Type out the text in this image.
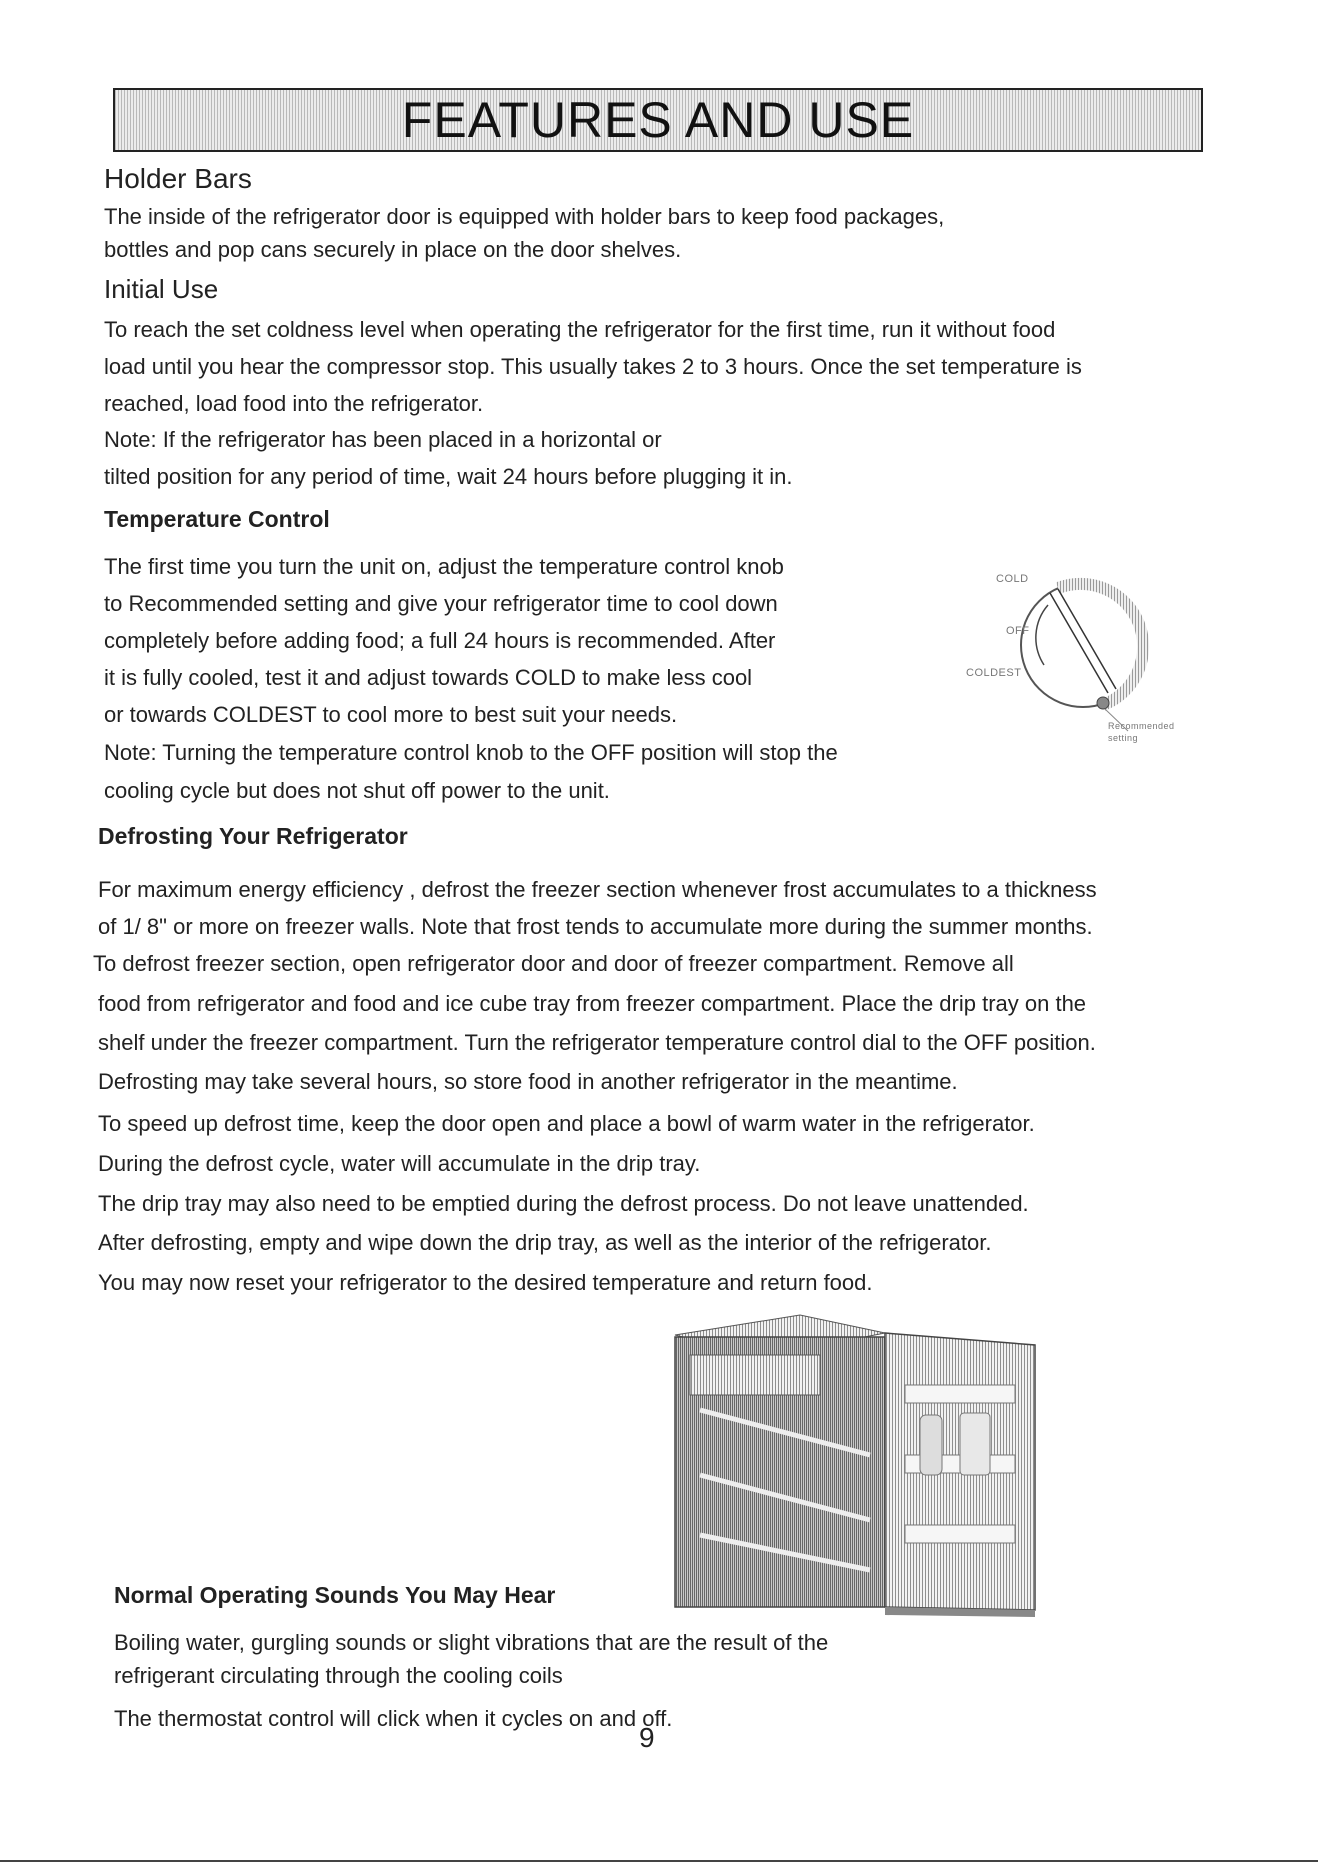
FEATURES AND USE
Holder Bars

The inside of the refrigerator door is equipped with holder bars to keep food packages,

bottles and pop cans securely in place on the door shelves.

Initial Use

To reach the set coldness level when operating the refrigerator for the first time, run it without food

load until you hear the compressor stop. This usually takes 2 to 3 hours. Once the set temperature is

reached, load food into the refrigerator.

Note: If the refrigerator has been placed in a horizontal or

tilted position for any period of time, wait 24 hours before plugging it in.

Temperature Control

The first time you turn the unit on, adjust the temperature control knob

to Recommended setting and give your refrigerator time to cool down

completely before adding food; a full 24 hours is recommended. After

it is fully cooled, test it and adjust towards COLD to make less cool

or towards COLDEST to cool more to best suit your needs.

Note: Turning the temperature control knob to the OFF position will stop the

cooling cycle but does not shut off power to the unit.

COLD
OFF
COLDEST
Recommended
setting
Defrosting Your Refrigerator

For maximum energy efficiency , defrost the freezer section whenever frost accumulates to a thickness

of 1/ 8" or more on freezer walls. Note that frost tends to accumulate more during the summer months.

To defrost freezer section, open refrigerator door and door of freezer compartment. Remove all

food from refrigerator and food and ice cube tray from freezer compartment. Place the drip tray on the

shelf under the freezer compartment. Turn the refrigerator temperature control dial to the OFF position.

Defrosting may take several hours, so store food in another refrigerator in the meantime.

To speed up defrost time, keep the door open and place a bowl of warm water in the refrigerator.

During the defrost cycle, water will accumulate in the drip tray.

The drip tray may also need to be emptied during the defrost process. Do not leave unattended.

After defrosting, empty and wipe down the drip tray, as well as the interior of the refrigerator.

You may now reset your refrigerator to the desired temperature and return food.

Normal Operating Sounds You May Hear

Boiling water, gurgling sounds or slight vibrations that are the result of the

refrigerant circulating through the cooling coils

The thermostat control will click when it cycles on and off.

9
